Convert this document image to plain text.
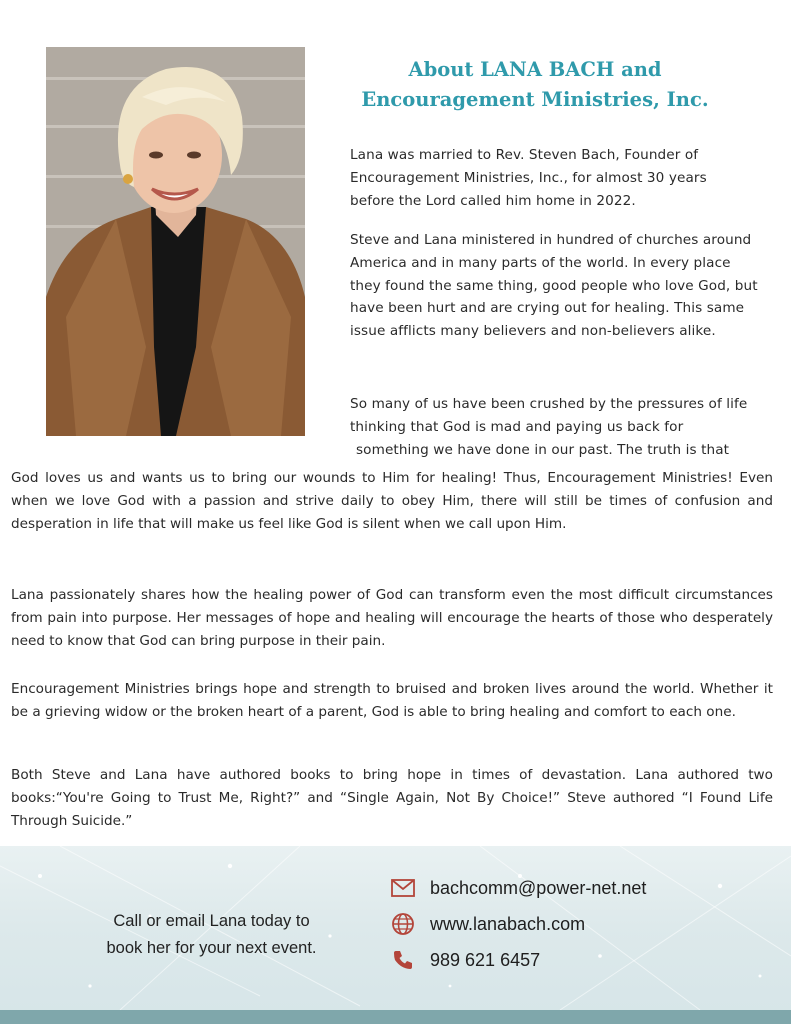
About LANA BACH and
Encouragement Ministries, Inc.

Lana was married to Rev. Steven Bach, Founder of Encouragement Ministries, Inc., for almost 30 years before the Lord called him home in 2022.

Steve and Lana ministered in hundred of churches around America and in many parts of the world. In every place they found the same thing, good people who love God, but have been hurt and are crying out for healing. This same issue afflicts many believers and non-believers alike.

So many of us have been crushed by the pressures of life thinking that God is mad and paying us back for
something we have done in our past. The truth is that

God loves us and wants us to bring our wounds to Him for healing! Thus, Encouragement Ministries! Even when we love God with a passion and strive daily to obey Him, there will still be times of confusion and desperation in life that will make us feel like God is silent when we call upon Him.

Lana passionately shares how the healing power of God can transform even the most difficult circumstances from pain into purpose. Her messages of hope and healing will encourage the hearts of those who desperately need to know that God can bring purpose in their pain.

Encouragement Ministries brings hope and strength to bruised and broken lives around the world. Whether it be a grieving widow or the broken heart of a parent, God is able to bring healing and comfort to each one.

Both Steve and Lana have authored books to bring hope in times of devastation. Lana authored two books:“You're Going to Trust Me, Right?” and “Single Again, Not By Choice!” Steve authored “I Found Life Through Suicide.”

Call or email Lana today to
book her for your next event.
bachcomm@power-net.net
www.lanabach.com
989 621 6457
